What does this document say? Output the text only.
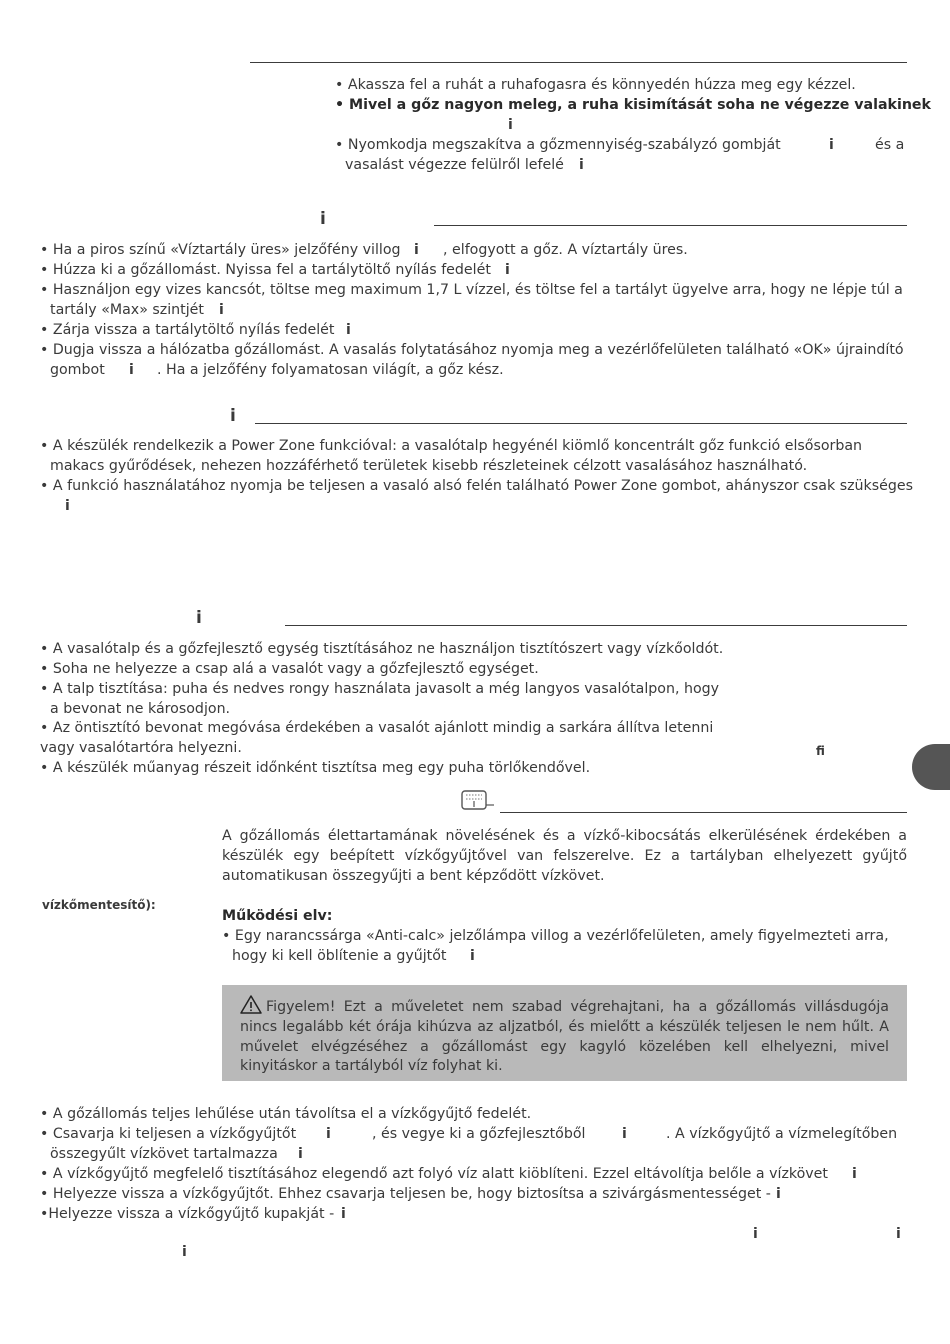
• Akassza fel a ruhát a ruhafogasra és könnyedén húzza meg egy kézzel.
• Mivel a gőz nagyon meleg, a ruha kisimítását soha ne végezze valakinek
i
• Nyomkodja megszakítva a gőzmennyiség-szabályzó gombját	i	és a
vasalást végezze felülről lefelé i
i
• Ha a piros színű «Víztartály üres» jelzőfény villog i , elfogyott a gőz. A víztartály üres.
• Húzza ki a gőzállomást. Nyissa fel a tartálytöltő nyílás fedelét i
• Használjon egy vizes kancsót, töltse meg maximum 1,7 L vízzel, és töltse fel a tartályt ügyelve arra, hogy ne lépje túl a
tartály «Max» szintjét i
• Zárja vissza a tartálytöltő nyílás fedelét i
• Dugja vissza a hálózatba gőzállomást. A vasalás folytatásához nyomja meg a vezérlőfelületen található «OK» újraindító
gombot i . Ha a jelzőfény folyamatosan világít, a gőz kész.
i
• A készülék rendelkezik a Power Zone funkcióval: a vasalótalp hegyénél kiömlő koncentrált gőz funkció elsősorban
makacs gyűrődések, nehezen hozzáférhető területek kisebb részleteinek célzott vasalásához használható.
• A funkció használatához nyomja be teljesen a vasaló alsó felén található Power Zone gombot, ahányszor csak szükséges
i
i
• A vasalótalp és a gőzfejlesztő egység tisztításához ne használjon tisztítószert vagy vízkőoldót.
• Soha ne helyezze a csap alá a vasalót vagy a gőzfejlesztő egységet.
• A talp tisztítása: puha és nedves rongy használata javasolt a még langyos vasalótalpon, hogy
a bevonat ne károsodjon.
• Az öntisztító bevonat megóvása érdekében a vasalót ajánlott mindig a sarkára állítva letenni
vagy vasalótartóra helyezni.
• A készülék műanyag részeit időnként tisztítsa meg egy puha törlőkendővel.
fi
A gőzállomás élettartamának növelésének és a vízkő-kibocsátás elkerülésének érdekében a készülék egy beépített vízkőgyűjtővel van felszerelve. Ez a tartályban elhelyezett gyűjtő automatikusan összegyűjti a bent képződött vízkövet.
vízkőmentesítő):
Működési elv:
• Egy narancssárga «Anti-calc» jelzőlámpa villog a vezérlőfelületen, amely figyelmezteti arra,
hogy ki kell öblítenie a gyűjtőt i
Figyelem! Ezt a műveletet nem szabad végrehajtani, ha a gőzállomás villásdugója nincs legalább két órája kihúzva az aljzatból, és mielőtt a készülék teljesen le nem hűlt. A művelet elvégzéséhez a gőzállomást egy kagyló közelében kell elhelyezni, mivel kinyitáskor a tartályból víz folyhat ki.
• A gőzállomás teljes lehűlése után távolítsa el a vízkőgyűjtő fedelét.
• Csavarja ki teljesen a vízkőgyűjtőt i	, és vegye ki a gőzfejlesztőből	i	. A vízkőgyűjtő a vízmelegítőben
összegyűlt vízkövet tartalmazza i
• A vízkőgyűjtő megfelelő tisztításához elegendő azt folyó víz alatt kiöblíteni. Ezzel eltávolítja belőle a vízkövet i
• Helyezze vissza a vízkőgyűjtőt. Ehhez csavarja teljesen be, hogy biztosítsa a szivárgásmentességet - i
•Helyezze vissza a vízkőgyűjtő kupakját - i
i	i
i
